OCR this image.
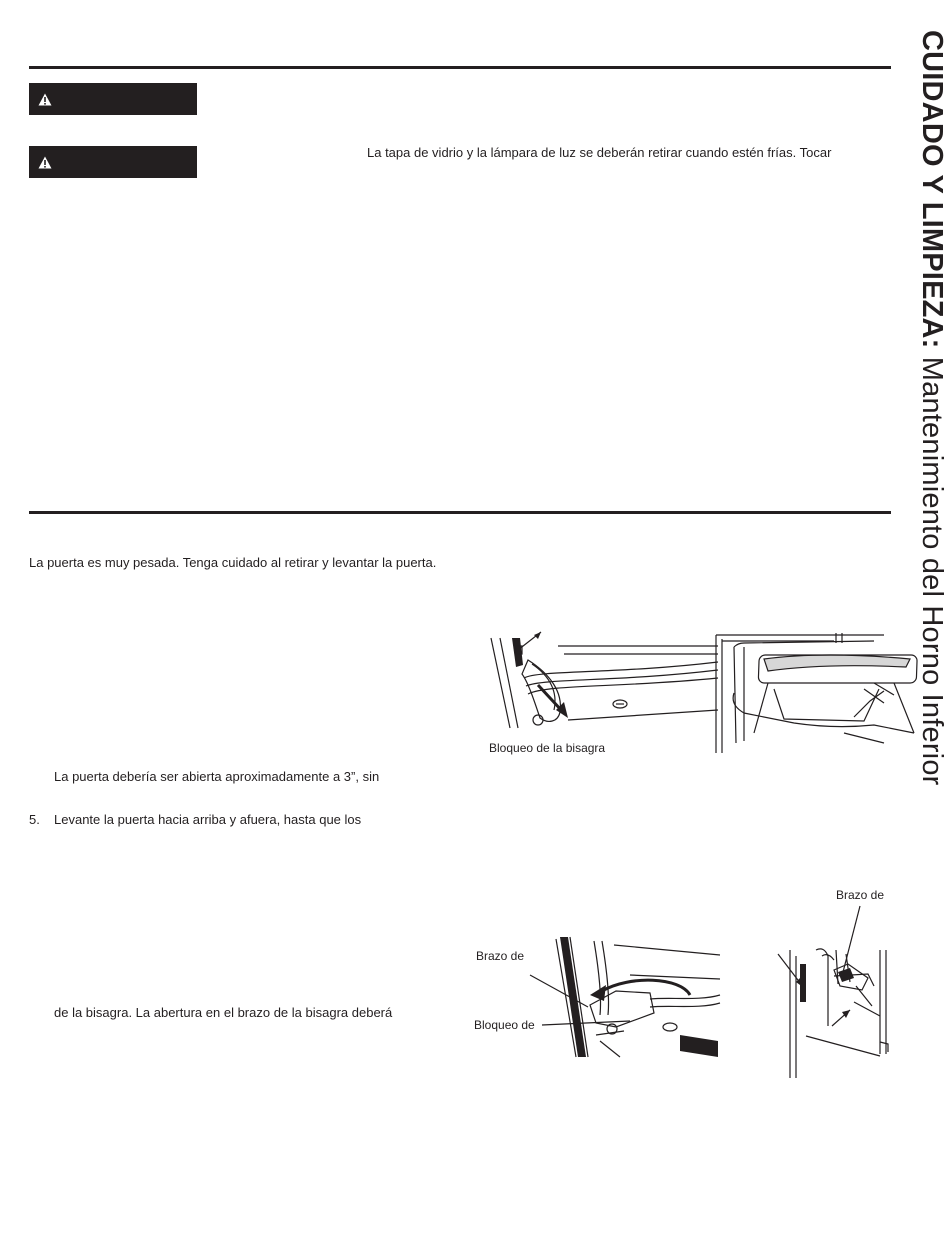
CUIDADO Y LIMPIEZA: Mantenimiento del Horno Inferior
La tapa de vidrio y la lámpara de luz se deberán retirar cuando estén frías. Tocar
La puerta es muy pesada. Tenga cuidado al retirar y levantar la puerta.
Bloqueo de la bisagra
La puerta debería ser abierta aproximadamente a 3”, sin
5. Levante la puerta hacia arriba y afuera, hasta que los
Brazo de
Brazo de
Bloqueo de
de la bisagra. La abertura en el brazo de la bisagra deberá
